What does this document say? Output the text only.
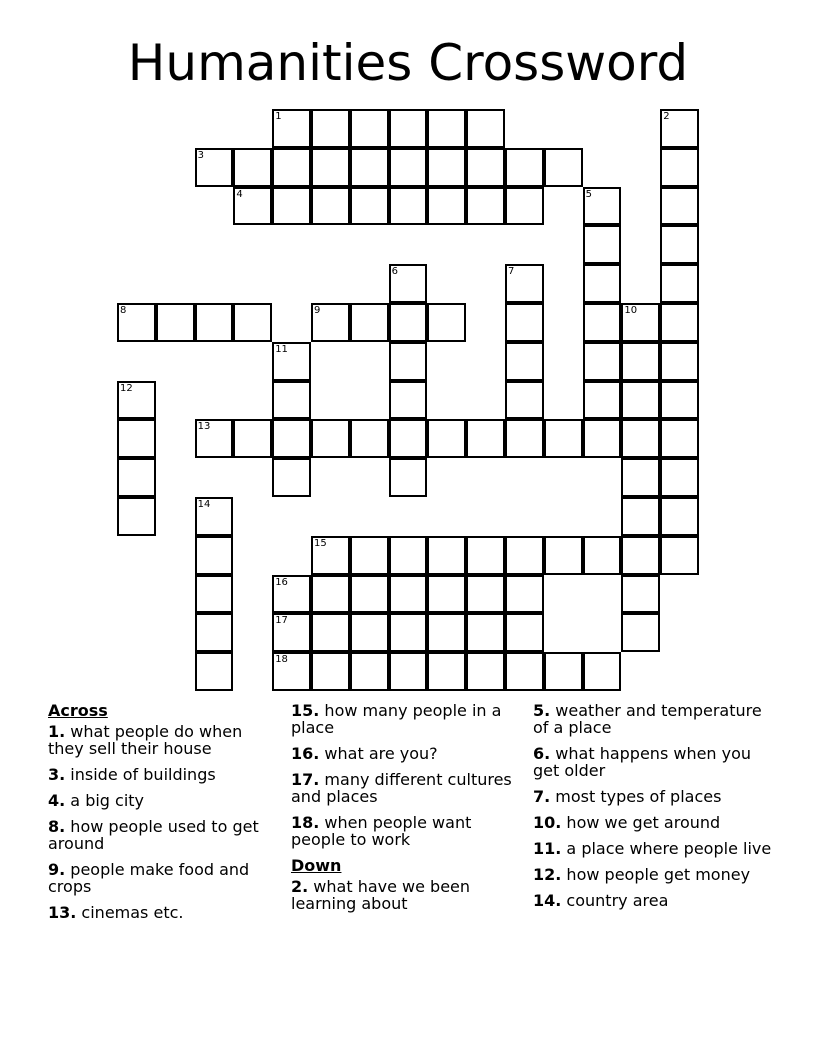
Humanities Crossword
1	2
3
4	5
6	7
8	9	10
11
12
13
14
15
16
17
18
Across
1. what people do when they sell their house
3. inside of buildings
4. a big city
8. how people used to get around
9. people make food and crops
13. cinemas etc.
15. how many people in a place
16. what are you?
17. many different cultures and places
18. when people want people to work
Down
2. what have we been learning about
5. weather and temperature of a place
6. what happens when you get older
7. most types of places
10. how we get around
11. a place where people live
12. how people get money
14. country area
